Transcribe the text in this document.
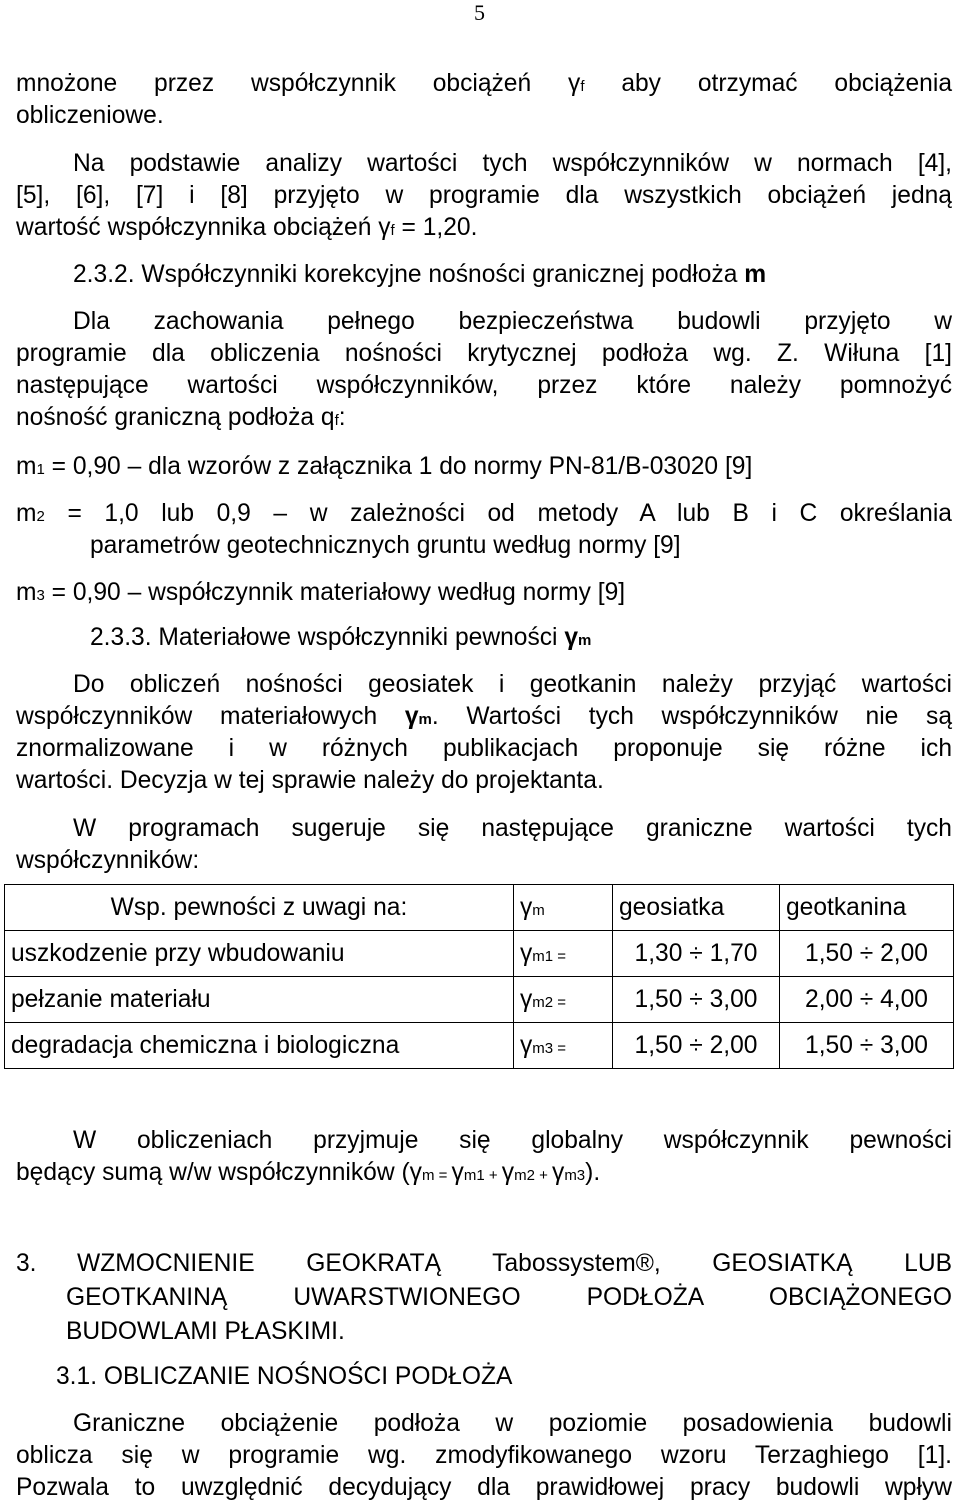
5
mnożone przez współczynnik obciążeń γf aby otrzymać obciążenia
obliczeniowe.
Na podstawie analizy wartości tych współczynników w normach [4],
[5], [6], [7] i [8] przyjęto w programie dla wszystkich obciążeń jedną
wartość współczynnika obciążeń γf = 1,20.
2.3.2. Współczynniki korekcyjne nośności granicznej podłoża m
Dla zachowania pełnego bezpieczeństwa budowli przyjęto w
programie dla obliczenia nośności krytycznej podłoża wg. Z. Wiłuna [1]
następujące wartości współczynników, przez które należy pomnożyć
nośność graniczną podłoża qf:
m1 = 0,90 – dla wzorów z załącznika 1 do normy PN-81/B-03020 [9]
m2 = 1,0 lub 0,9 – w zależności od metody A lub B i C określania
parametrów geotechnicznych gruntu według normy [9]
m3 = 0,90 – współczynnik materiałowy według normy [9]
2.3.3. Materiałowe współczynniki pewności γm
Do obliczeń nośności geosiatek i geotkanin należy przyjąć wartości
współczynników materiałowych γm. Wartości tych współczynników nie są
znormalizowane i w różnych publikacjach proponuje się różne ich
wartości. Decyzja w tej sprawie należy do projektanta.
W programach sugeruje się następujące graniczne wartości tych
współczynników:
Wsp. pewności z uwagi na:	γm	geosiatka	geotkanina
uszkodzenie przy wbudowaniu	γm1 =	1,30 ÷ 1,70	1,50 ÷ 2,00
pełzanie materiału	γm2 =	1,50 ÷ 3,00	2,00 ÷ 4,00
degradacja chemiczna i biologiczna	γm3 =	1,50 ÷ 2,00	1,50 ÷ 3,00
W obliczeniach przyjmuje się globalny współczynnik pewności
będący sumą w/w współczynników (γm = γm1 + γm2 + γm3).
3.	WZMOCNIENIE GEOKRATĄ Tabossystem®, GEOSIATKĄ LUB
GEOTKANINĄ UWARSTWIONEGO PODŁOŻA OBCIĄŻONEGO
BUDOWLAMI PŁASKIMI.
3.1. OBLICZANIE NOŚNOŚCI PODŁOŻA
Graniczne obciążenie podłoża w poziomie posadowienia budowli
oblicza się w programie wg. zmodyfikowanego wzoru Terzaghiego [1].
Pozwala to uwzględnić decydujący dla prawidłowej pracy budowli wpływ
